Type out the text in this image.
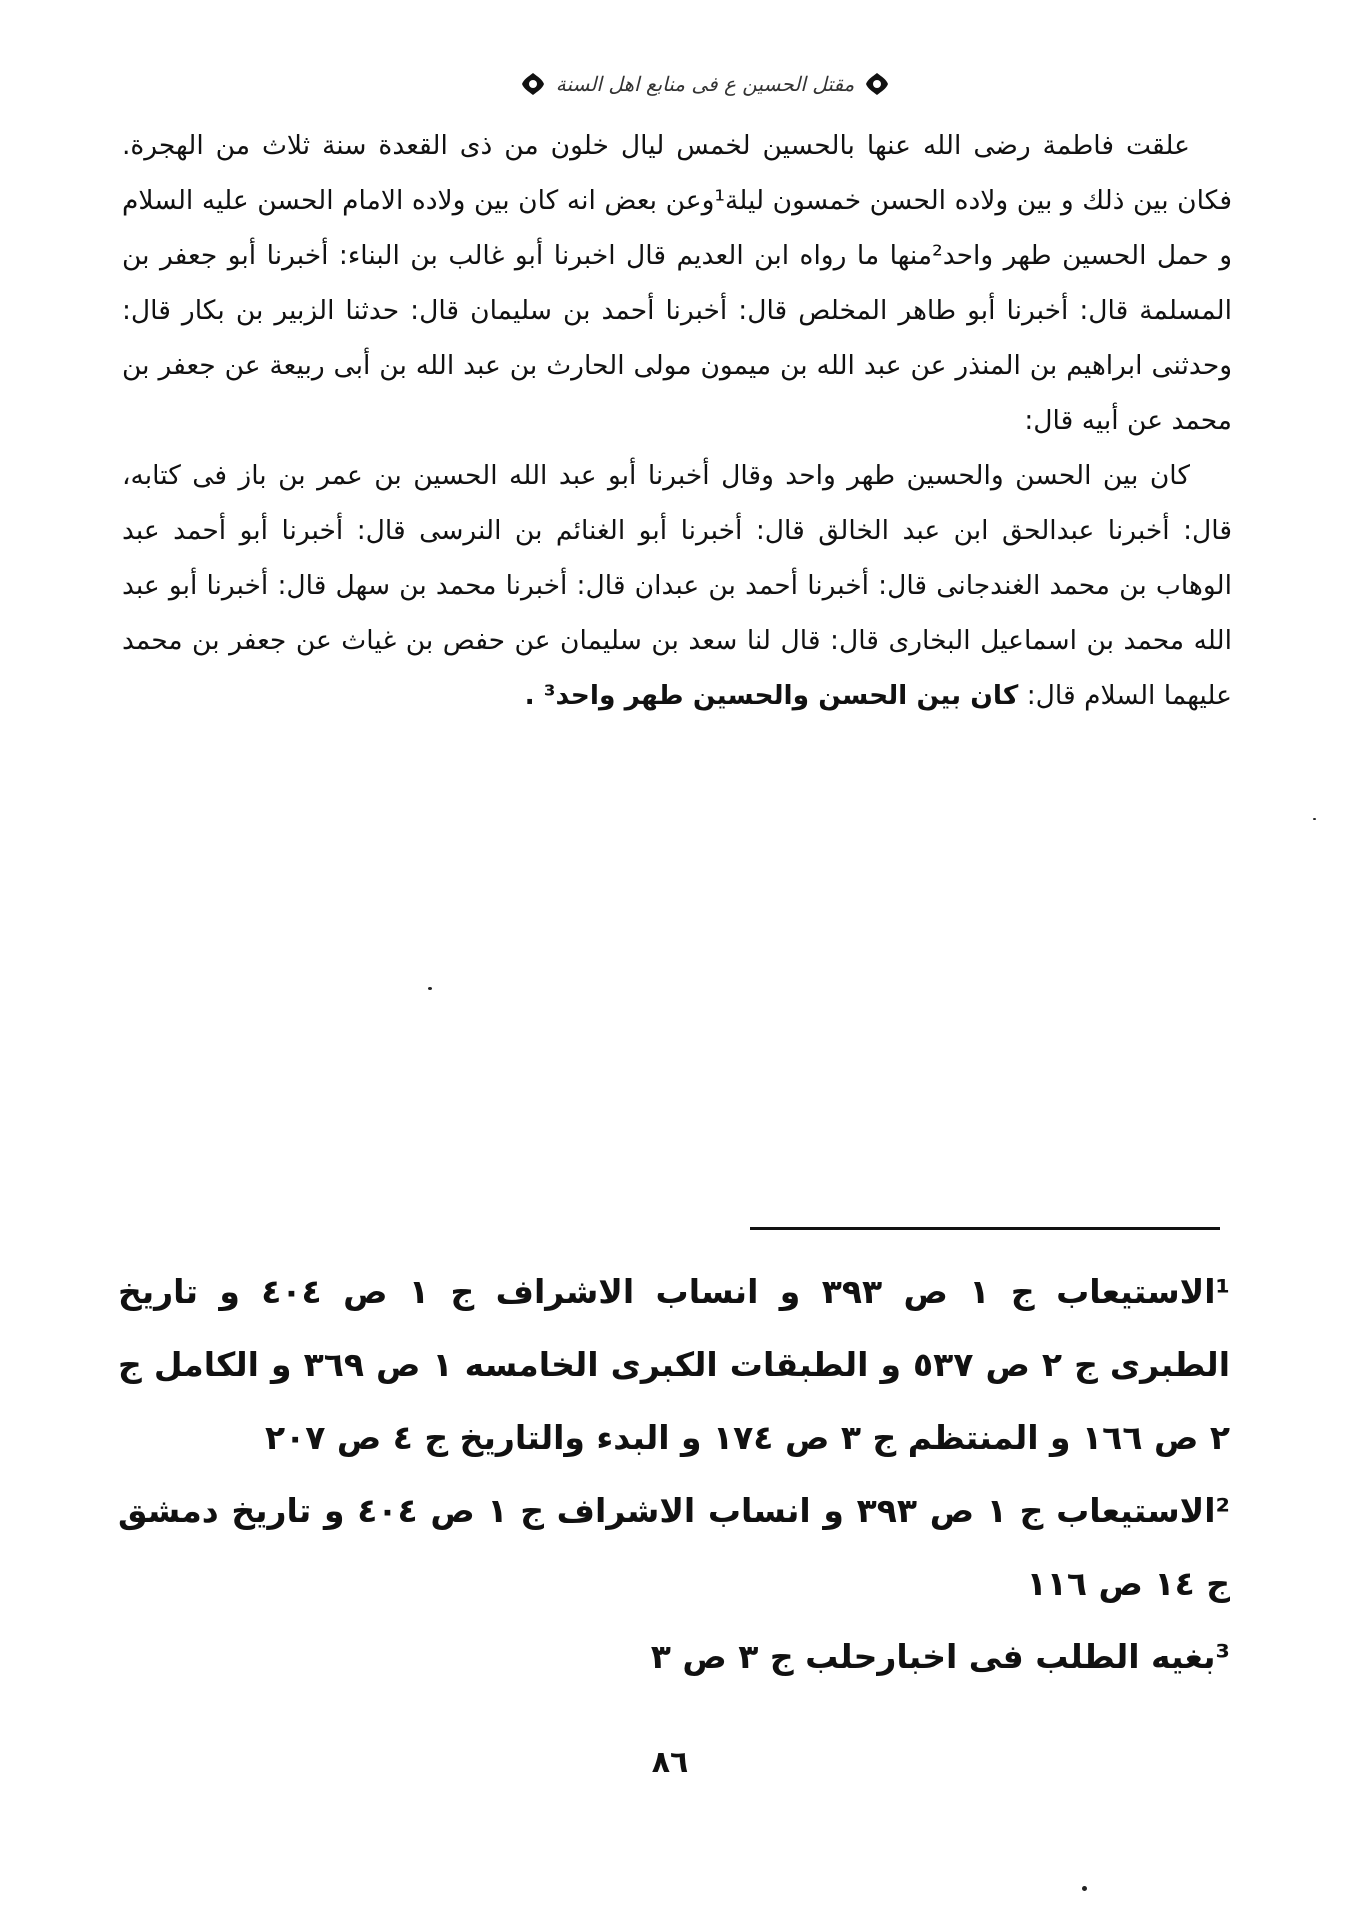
مقتل الحسين ع فى منابع اهل السنة

علقت فاطمة رضى الله عنها بالحسين لخمس ليال خلون من ذى القعدة سنة ثلاث من الهجرة. فكان بين ذلك و بين ولاده الحسن خمسون ليلة¹وعن بعض انه كان بين ولاده الامام الحسن عليه السلام و حمل الحسين طهر واحد²منها ما رواه ابن العديم قال اخبرنا أبو غالب بن البناء: أخبرنا أبو جعفر بن المسلمة قال: أخبرنا أبو طاهر المخلص قال: أخبرنا أحمد بن سليمان قال: حدثنا الزبير بن بكار قال: وحدثنى ابراهيم بن المنذر عن عبد الله بن ميمون مولى الحارث بن عبد الله بن أبى ربيعة عن جعفر بن محمد عن أبيه قال:

كان بين الحسن والحسين طهر واحد وقال أخبرنا أبو عبد الله الحسين بن عمر بن باز فى كتابه، قال: أخبرنا عبدالحق ابن عبد الخالق قال: أخبرنا أبو الغنائم بن النرسى قال: أخبرنا أبو أحمد عبد الوهاب بن محمد الغندجانى قال: أخبرنا أحمد بن عبدان قال: أخبرنا محمد بن سهل قال: أخبرنا أبو عبد الله محمد بن اسماعيل البخارى قال: قال لنا سعد بن سليمان عن حفص بن غياث عن جعفر بن محمد عليهما السلام قال: كان بين الحسن والحسين طهر واحد³ .

¹الاستيعاب ج ١ ص ٣٩٣ و انساب الاشراف ج ١ ص ٤٠٤ و تاريخ الطبرى ج ٢ ص ٥٣٧ و الطبقات الكبرى الخامسه ١ ص ٣٦٩ و الكامل ج ٢ ص ١٦٦ و المنتظم ج ٣ ص ١٧٤ و البدء والتاريخ ج ٤ ص ٢٠٧

²الاستيعاب ج ١ ص ٣٩٣ و انساب الاشراف ج ١ ص ٤٠٤ و تاريخ دمشق ج ١٤ ص ١١٦

³بغيه الطلب فى اخبارحلب ج ٣ ص ٣

٨٦
